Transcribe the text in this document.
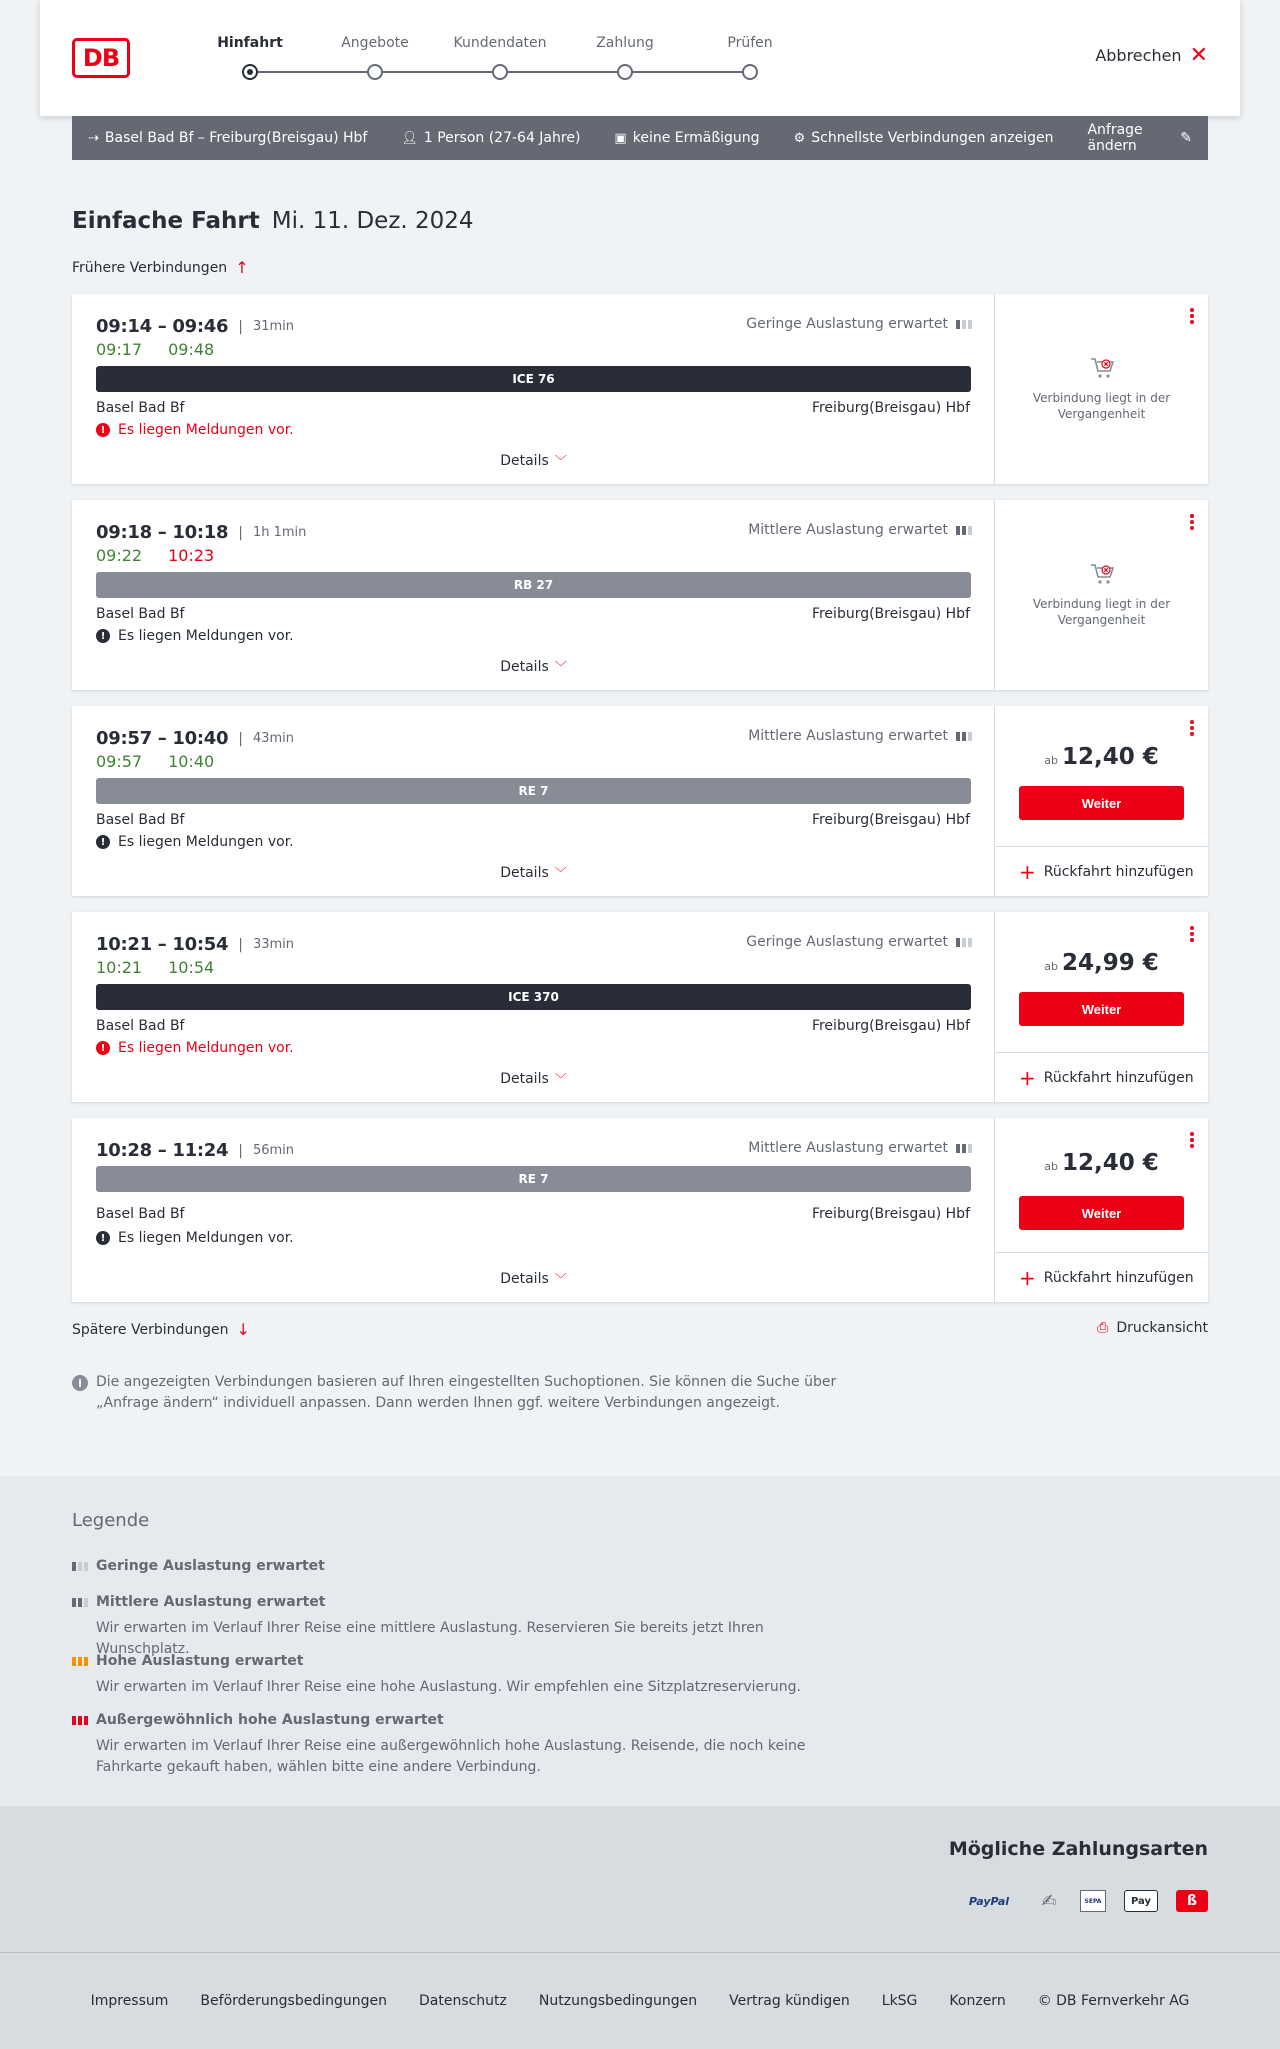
DB
Hinfahrt	Angebote	Kundendaten	Zahlung	Prüfen
Abbrechen ✕
⇢ Basel Bad Bf – Freiburg(Breisgau) Hbf	👤︎ 1 Person (27-64 Jahre)	▣ keine Ermäßigung	⚙︎ Schnellste Verbindungen anzeigen Anfrage ändern	✎
Einfache Fahrt Mi. 11. Dez. 2024
Frühere Verbindungen ↑
09:14 – 09:46 | 31min
09:17 09:48
Geringe Auslastung erwartet
ICE 76
Basel Bad Bf	Freiburg(Breisgau) Hbf
! Es liegen Meldungen vor.
Details ﹀
Verbindung liegt in der Vergangenheit
09:18 – 10:18 | 1h 1min
09:22 10:23
Mittlere Auslastung erwartet
RB 27
Basel Bad Bf	Freiburg(Breisgau) Hbf
! Es liegen Meldungen vor.
Details ﹀
Verbindung liegt in der Vergangenheit
09:57 – 10:40 | 43min
09:57 10:40
Mittlere Auslastung erwartet
RE 7
Basel Bad Bf	Freiburg(Breisgau) Hbf
! Es liegen Meldungen vor.
Details ﹀
ab 12,40 €
Weiter
+ Rückfahrt hinzufügen
10:21 – 10:54 | 33min
10:21 10:54
Geringe Auslastung erwartet
ICE 370
Basel Bad Bf	Freiburg(Breisgau) Hbf
! Es liegen Meldungen vor.
Details ﹀
ab 24,99 €
Weiter
+ Rückfahrt hinzufügen
10:28 – 11:24 | 56min	Mittlere Auslastung erwartet
RE 7
Basel Bad Bf	Freiburg(Breisgau) Hbf
! Es liegen Meldungen vor.
Details ﹀
ab 12,40 €
Weiter
+ Rückfahrt hinzufügen
Spätere Verbindungen ↓	⎙ Druckansicht
i	Die angezeigten Verbindungen basieren auf Ihren eingestellten Suchoptionen. Sie können die Suche über „Anfrage ändern“ individuell anpassen. Dann werden Ihnen ggf. weitere Verbindungen angezeigt.
Legende
Geringe Auslastung erwartet
Mittlere Auslastung erwartet
Wir erwarten im Verlauf Ihrer Reise eine mittlere Auslastung. Reservieren Sie bereits jetzt Ihren Wunschplatz.
Hohe Auslastung erwartet
Wir erwarten im Verlauf Ihrer Reise eine hohe Auslastung. Wir empfehlen eine Sitzplatzreservierung.
Außergewöhnlich hohe Auslastung erwartet
Wir erwarten im Verlauf Ihrer Reise eine außergewöhnlich hohe Auslastung. Reisende, die noch keine Fahrkarte gekauft haben, wählen bitte eine andere Verbindung.
Mögliche Zahlungsarten
PayPal	✍	SEPA	Pay	ß
Impressum Beförderungsbedingungen Datenschutz Nutzungsbedingungen Vertrag kündigen LkSG Konzern © DB Fernverkehr AG
